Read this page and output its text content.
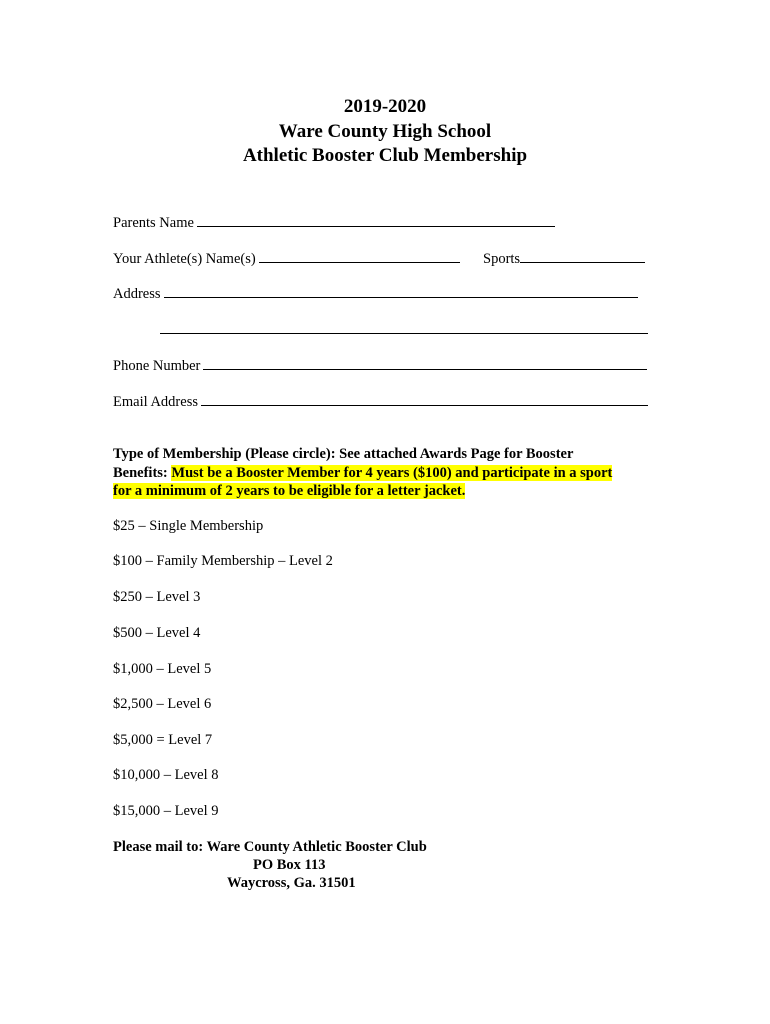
2019-2020
Ware County High School
Athletic Booster Club Membership
Parents Name
Your Athlete(s) Name(s)	Sports
Address
Phone Number
Email Address
Type of Membership (Please circle): See attached Awards Page for Booster
Benefits: Must be a Booster Member for 4 years ($100) and participate in a sport
for a minimum of 2 years to be eligible for a letter jacket.
$25 – Single Membership
$100 – Family Membership – Level 2
$250 – Level 3
$500 – Level 4
$1,000 – Level 5
$2,500 – Level 6
$5,000 = Level 7
$10,000 – Level 8
$15,000 – Level 9
Please mail to: Ware County Athletic Booster Club
PO Box 113
Waycross, Ga. 31501
